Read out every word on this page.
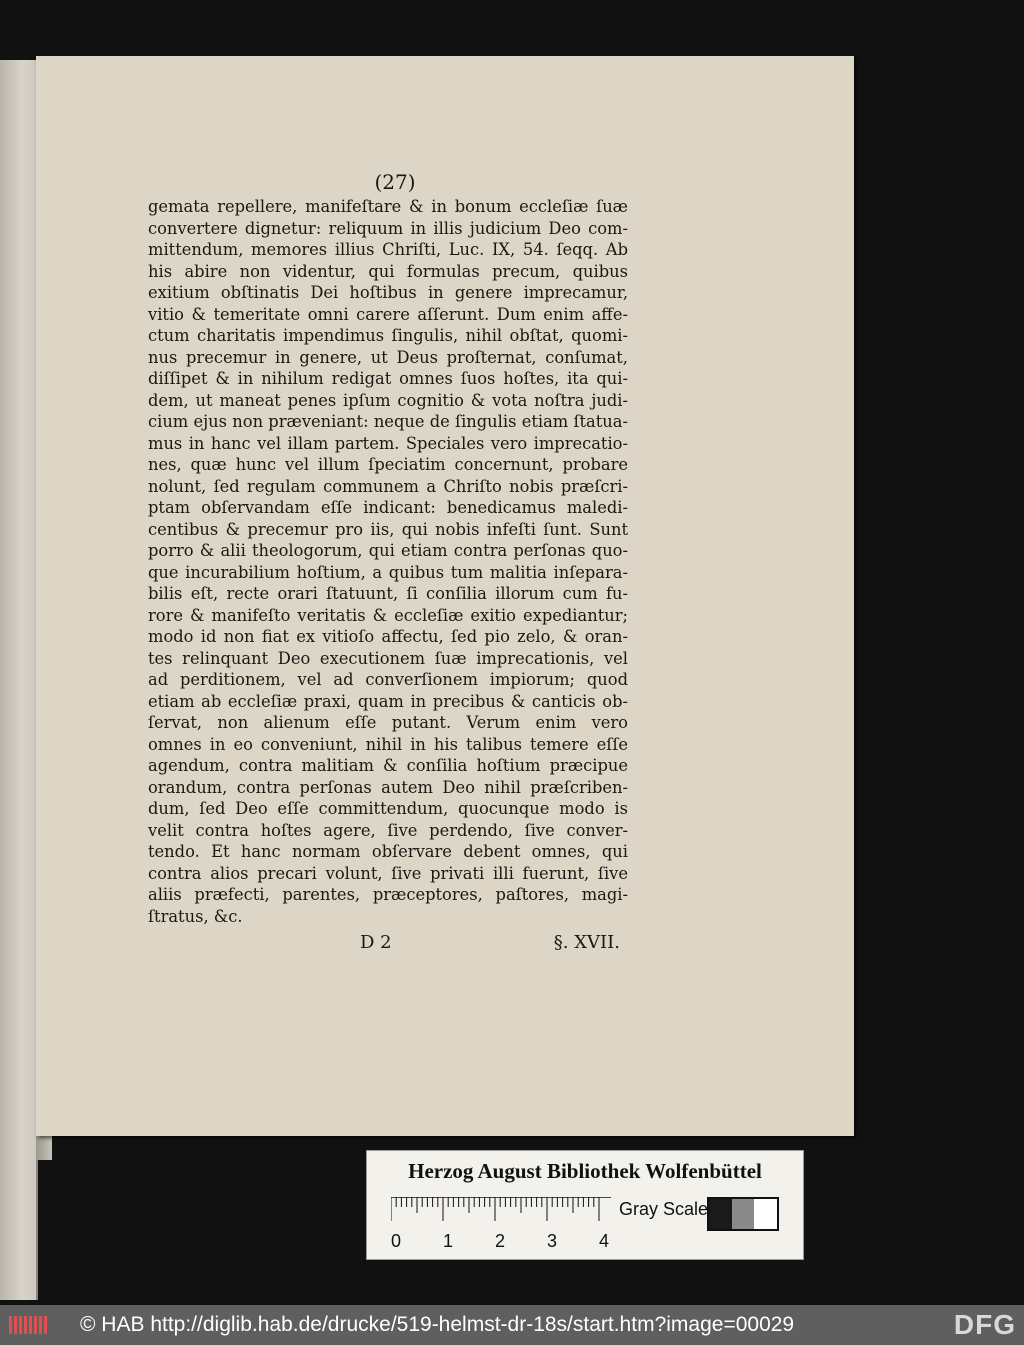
(27)
gemata repellere, manifeſtare & in bonum eccleſiæ ſuæ
convertere dignetur: reliquum in illis judicium Deo com-
mittendum, memores illius Chriſti, Luc. IX, 54. ſeqq. Ab
his abire non videntur, qui formulas precum, quibus
exitium obſtinatis Dei hoſtibus in genere imprecamur,
vitio & temeritate omni carere aſſerunt. Dum enim affe-
ctum charitatis impendimus ſingulis, nihil obſtat, quomi-
nus precemur in genere, ut Deus proſternat, conſumat,
diſſipet & in nihilum redigat omnes ſuos hoſtes, ita qui-
dem, ut maneat penes ipſum cognitio & vota noſtra judi-
cium ejus non præveniant: neque de ſingulis etiam ſtatua-
mus in hanc vel illam partem. Speciales vero imprecatio-
nes, quæ hunc vel illum ſpeciatim concernunt, probare
nolunt, ſed regulam communem a Chriſto nobis præſcri-
ptam obſervandam eſſe indicant: benedicamus maledi-
centibus & precemur pro iis, qui nobis infeſti ſunt. Sunt
porro & alii theologorum, qui etiam contra perſonas quo-
que incurabilium hoſtium, a quibus tum malitia inſepara-
bilis eſt, recte orari ſtatuunt, ſi conſilia illorum cum fu-
rore & manifeſto veritatis & eccleſiæ exitio expediantur;
modo id non fiat ex vitioſo affectu, ſed pio zelo, & oran-
tes relinquant Deo executionem ſuæ imprecationis, vel
ad perditionem, vel ad converſionem impiorum; quod
etiam ab eccleſiæ praxi, quam in precibus & canticis ob-
ſervat, non alienum eſſe putant. Verum enim vero
omnes in eo conveniunt, nihil in his talibus temere eſſe
agendum, contra malitiam & conſilia hoſtium præcipue
orandum, contra perſonas autem Deo nihil præſcriben-
dum, ſed Deo eſſe committendum, quocunque modo is
velit contra hoſtes agere, ſive perdendo, ſive conver-
tendo. Et hanc normam obſervare debent omnes, qui
contra alios precari volunt, ſive privati illi fuerunt, ſive
aliis præfecti, parentes, præceptores, paſtores, magi-
ſtratus, &c.
D 2	§. XVII.
Herzog August Bibliothek Wolfenbüttel
0 1 2 3 4
Gray Scale
© HAB http://diglib.hab.de/drucke/519-helmst-dr-18s/start.htm?image=00029	DFG
